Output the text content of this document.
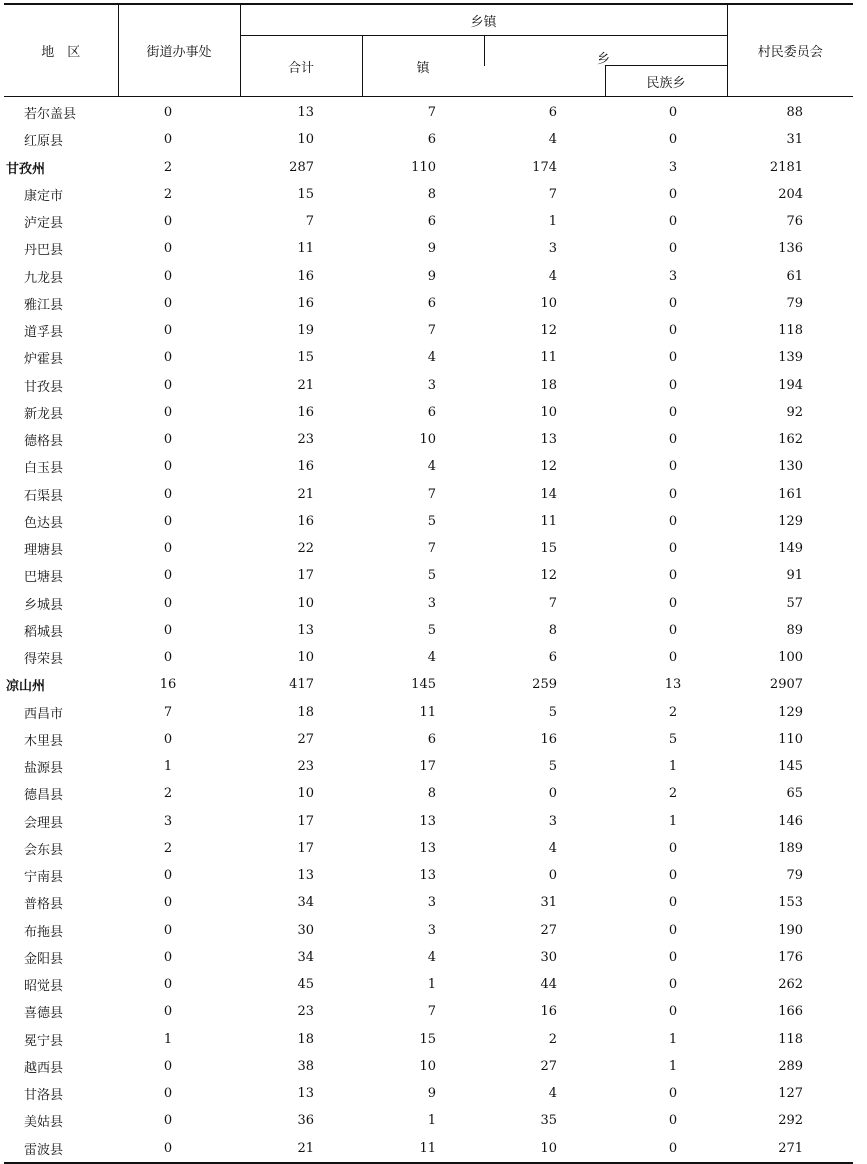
地　区	街道办事处	乡镇				村民委员会
		合计	镇	乡		
					民族乡	
若尔盖县	0	13	7	6	0	88
红原县	0	10	6	4	0	31
甘孜州	2	287	110	174	3	2181
康定市	2	15	8	7	0	204
泸定县	0	7	6	1	0	76
丹巴县	0	11	9	3	0	136
九龙县	0	16	9	4	3	61
雅江县	0	16	6	10	0	79
道孚县	0	19	7	12	0	118
炉霍县	0	15	4	11	0	139
甘孜县	0	21	3	18	0	194
新龙县	0	16	6	10	0	92
德格县	0	23	10	13	0	162
白玉县	0	16	4	12	0	130
石渠县	0	21	7	14	0	161
色达县	0	16	5	11	0	129
理塘县	0	22	7	15	0	149
巴塘县	0	17	5	12	0	91
乡城县	0	10	3	7	0	57
稻城县	0	13	5	8	0	89
得荣县	0	10	4	6	0	100
凉山州	16	417	145	259	13	2907
西昌市	7	18	11	5	2	129
木里县	0	27	6	16	5	110
盐源县	1	23	17	5	1	145
德昌县	2	10	8	0	2	65
会理县	3	17	13	3	1	146
会东县	2	17	13	4	0	189
宁南县	0	13	13	0	0	79
普格县	0	34	3	31	0	153
布拖县	0	30	3	27	0	190
金阳县	0	34	4	30	0	176
昭觉县	0	45	1	44	0	262
喜德县	0	23	7	16	0	166
冕宁县	1	18	15	2	1	118
越西县	0	38	10	27	1	289
甘洛县	0	13	9	4	0	127
美姑县	0	36	1	35	0	292
雷波县	0	21	11	10	0	271
